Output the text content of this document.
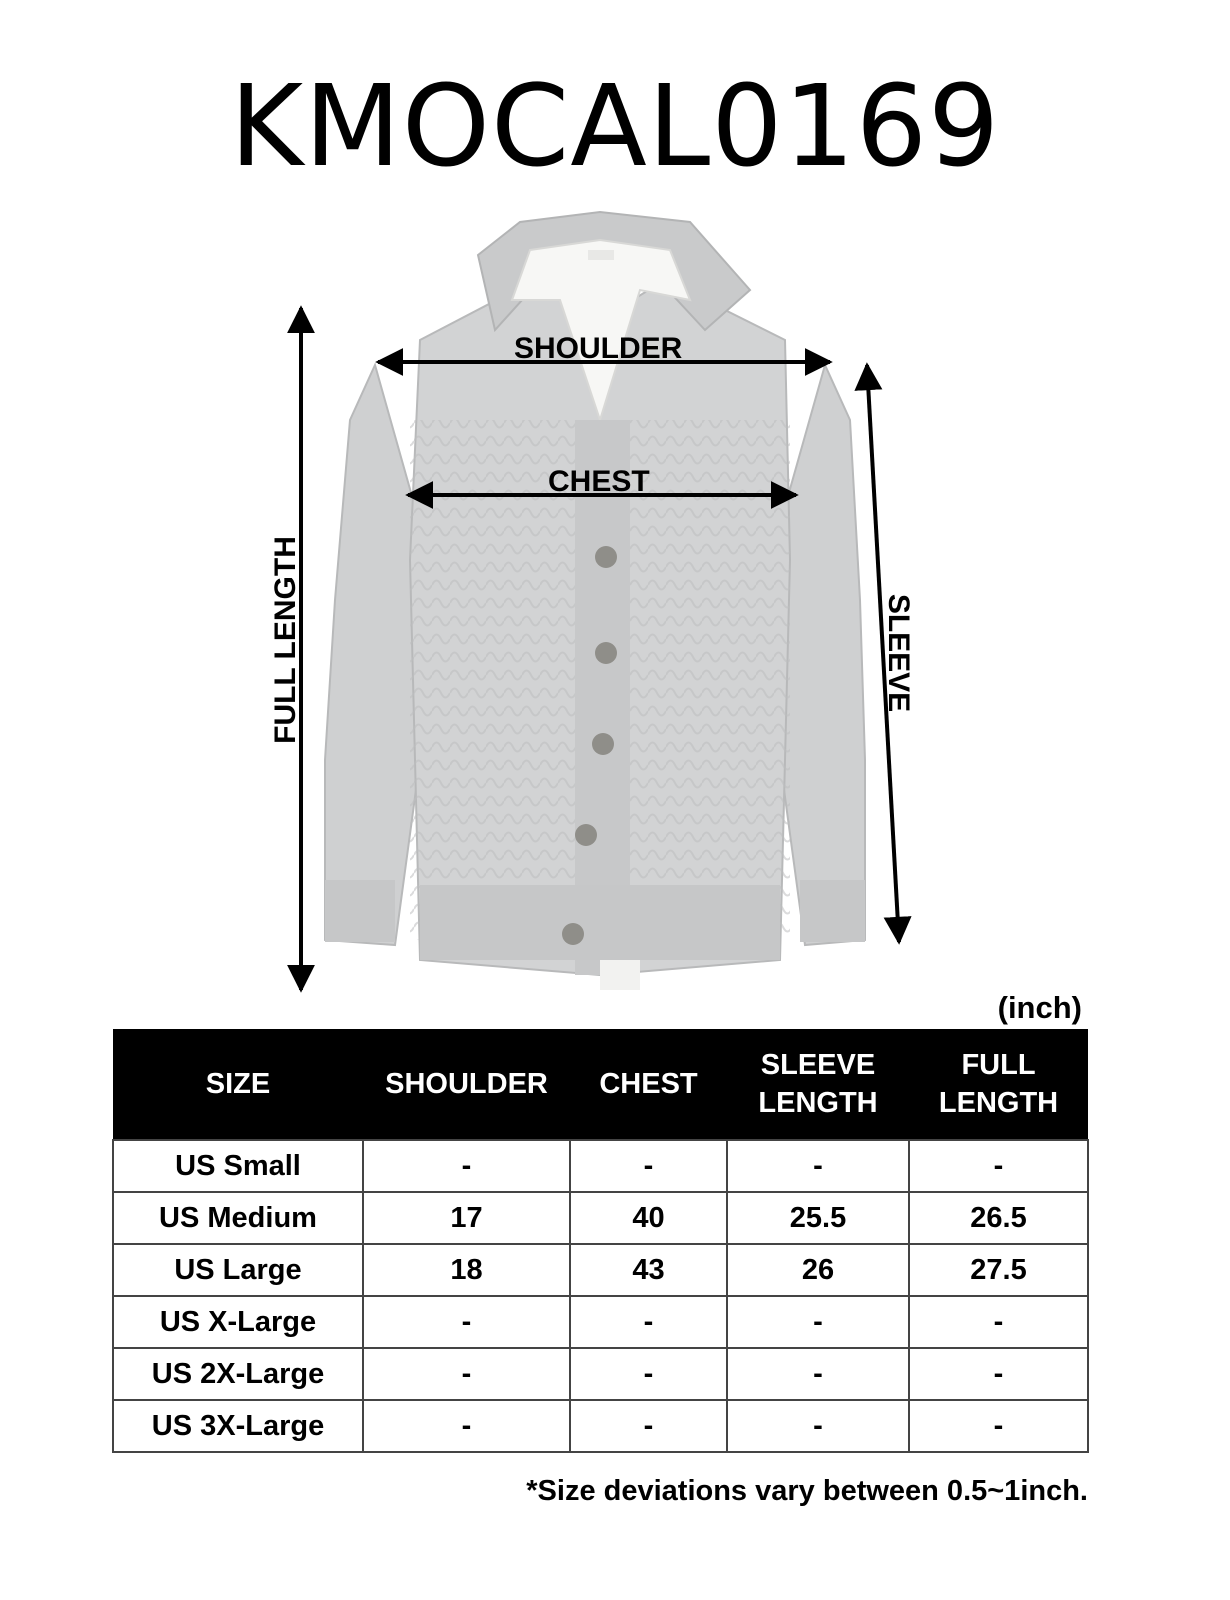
KMOCAL0169
SHOULDER
CHEST
FULL LENGTH	SLEEVE
(inch)
SIZE	SHOULDER	CHEST	SLEEVE LENGTH	FULL LENGTH
US Small	-	-	-	-
US Medium	17	40	25.5	26.5
US Large	18	43	26	27.5
US X-Large	-	-	-	-
US 2X-Large	-	-	-	-
US 3X-Large	-	-	-	-
*Size deviations vary between 0.5~1inch.
